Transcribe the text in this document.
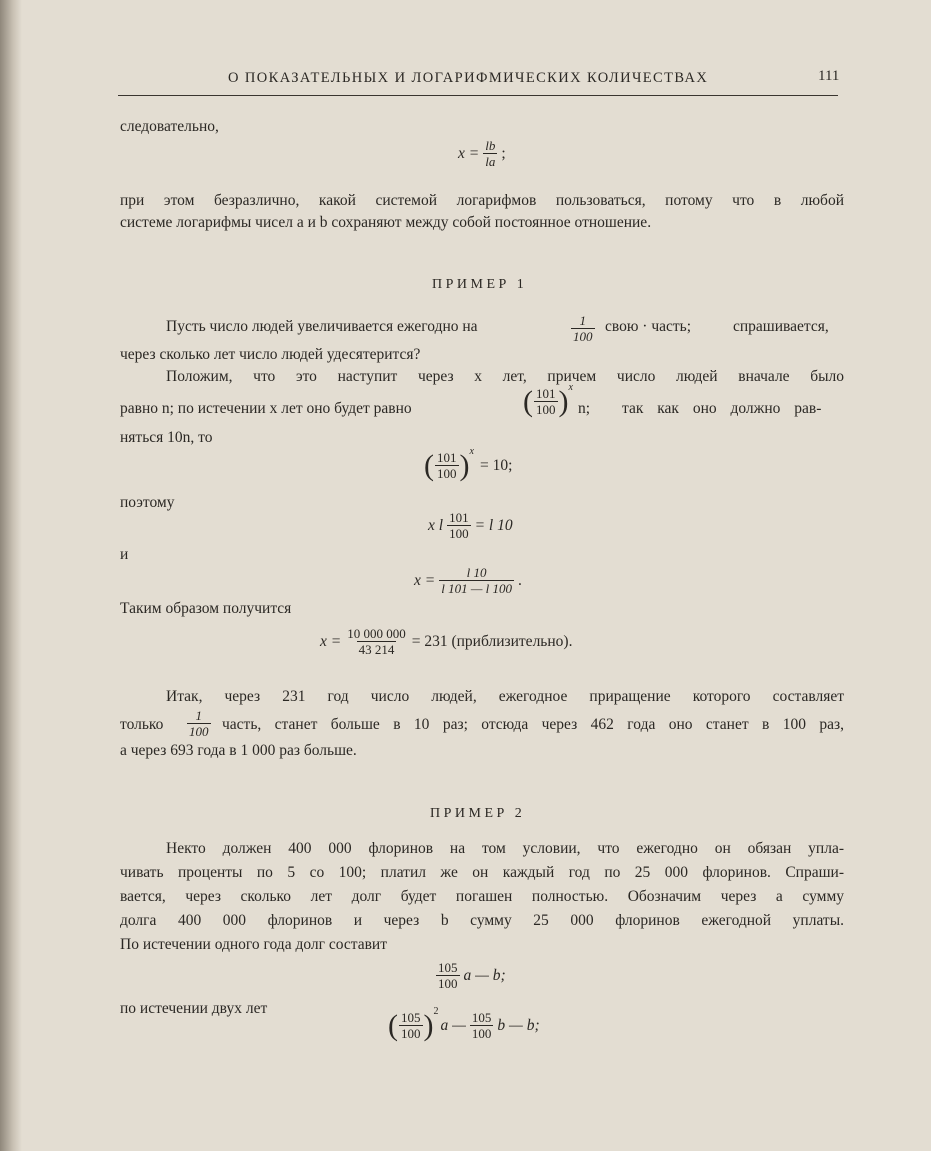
О ПОКАЗАТЕЛЬНЫХ И ЛОГАРИФМИЧЕСКИХ КОЛИЧЕСТВАХ	111
следовательно,
$x = \frac{lb}{la}$ ;
при этом безразлично, какой системой логарифмов пользоваться, потому что в любой
системе логарифмы чисел a и b сохраняют между собой постоянное отношение.
ПРИМЕР 1
Пусть число людей увеличивается ежегодно на	$\frac{1}{100}$ свою · часть;	спрашивается,
через сколько лет число людей удесятерится?
Положим, что это наступит через x лет, причем число людей вначале было
равно n; по истечении x лет оно будет равно	( $\frac{101}{100}$ ) x
n; так как оно должно рав-
няться 10n, то
( $\frac{101}{100}$ ) x
= 10;
поэтому
x l $\frac{101}{100} = l$ 10
и
$x = \frac{l 10}{l 101 — l 100}$ .
Таким образом получится
$x = \frac{10 000 000}{43 214} = 231$ (приблизительно).
Итак, через 231 год число людей, ежегодное приращение которого составляет
только $\frac{1}{100}$ часть, станет больше в 10 раз; отсюда через 462 года оно станет в 100 раз,
а через 693 года в 1 000 раз больше.
ПРИМЕР 2
Некто должен 400 000 флоринов на том условии, что ежегодно он обязан упла-
чивать проценты по 5 со 100; платил же он каждый год по 25 000 флоринов. Спраши-
вается, через сколько лет долг будет погашен полностью. Обозначим через a сумму
долга 400 000 флоринов и через b сумму 25 000 флоринов ежегодной уплаты.
По истечении одного года долг составит
$\frac{105}{100}$ a — b;
по истечении двух лет	( $\frac{105}{100}$ ) 2
a — $\frac{105}{100}$ b — b;
